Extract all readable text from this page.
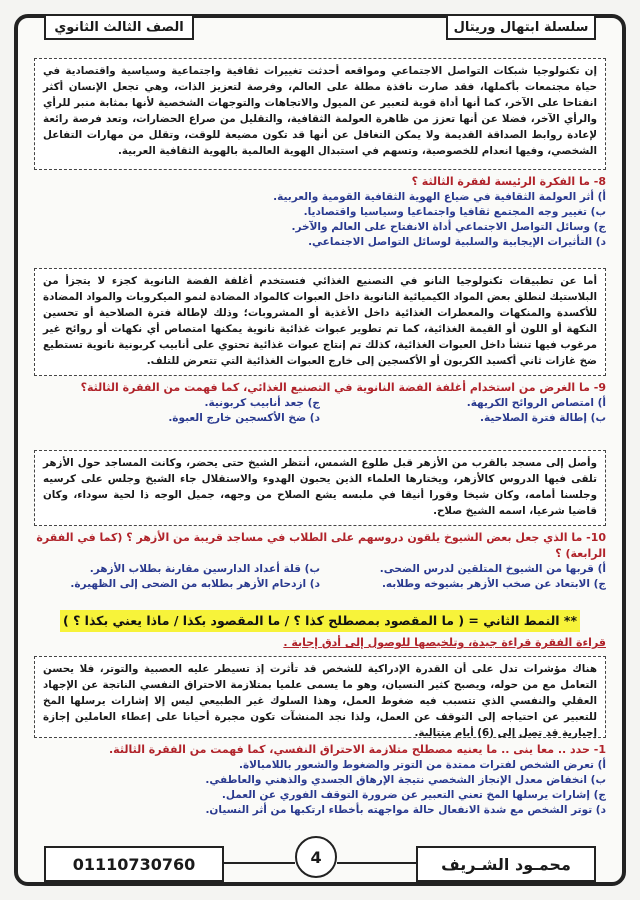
سلسلة ابتهال وريتال
الصف الثالث الثانوي
إن تكنولوجيا شبكات التواصل الاجتماعي ومواقعه أحدثت تغييرات ثقافية واجتماعية وسياسية واقتصادية في حياة مجتمعات بأكملها، فقد صارت نافذة مطلة على العالم، وفرصة لتعزيز الذات، وهي تجعل الإنسان أكثر انفتاحا على الآخر، كما أنها أداة قوية لتعبير عن الميول والاتجاهات والتوجهات الشخصية لأنها بمثابة منبر للرأي والرأي الآخر، فضلا عن أنها تعزز من ظاهرة العولمة الثقافية، والتقليل من صراع الحضارات، وتعد فرصة رائعة لإعادة روابط الصداقة القديمة ولا يمكن التغافل عن أنها قد تكون مضيعة للوقت، وتقلل من مهارات التفاعل الشخصي، وفيها انعدام للخصوصية، وتسهم في استبدال الهوية العالمية بالهوية الثقافية العربية.
8- ما الفكرة الرئيسة لفقرة الثالثة ؟
أ) أثر العولمة الثقافية في ضياع الهوية الثقافية القومية والعربية.
ب) تغيير وجه المجتمع ثقافيا واجتماعيا وسياسيا واقتصاديا.
ج) وسائل التواصل الاجتماعي أداة الانفتاح على العالم والآخر.
د) التأثيرات الإيجابية والسلبية لوسائل التواصل الاجتماعي.
أما عن تطبيقات تكنولوجيا النانو في التصنيع الغذائي فتستخدم أغلفة الفضة النانوية كجزء لا يتجزأ من البلاستيك لنطلق بعض المواد الكيميائية النانوية داخل العبوات كالمواد المضادة لنمو الميكروبات والمواد المضادة للأكسدة والمنكهات والمعطرات الغذائية داخل الأغذية أو المشروبات؛ وذلك لإطالة فترة الصلاحية أو تحسين النكهة أو اللون أو القيمة الغذائية، كما تم تطوير عبوات غذائية نانوية يمكنها امتصاص أي نكهات أو روائح غير مرغوب فيها تنشأ داخل العبوات الغذائية، كذلك تم إنتاج عبوات غذائية تحتوي على أنابيب كربونية نانوية تستطيع ضخ غازات ثاني أكسيد الكربون أو الأكسجين إلى خارج العبوات الغذائية التي تتعرض للتلف.
9- ما الغرض من استخدام أغلفة الفضة النانوية في التصنيع الغذائي، كما فهمت من الفقرة الثالثة؟
أ) امتصاص الروائح الكريهة.
ج) جعد أنابيب كربونية.
ب) إطالة فترة الصلاحية.
د) ضخ الأكسجين خارج العبوة.
وأصل إلى مسجد بالقرب من الأزهر قبل طلوع الشمس، أنتظر الشيخ حتى يحضر، وكانت المساجد حول الأزهر تلقى فيها الدروس كالأزهر، ويختارها العلماء الذين يحبون الهدوء والاستقلال جاء الشيخ وجلس على كرسيه وجلسنا أمامه، وكان شيخا وقورا أنيقا في ملبسه يشع الصلاح من وجهه، جميل الوجه ذا لحية سوداء، وكان قاضيا شرعيا، اسمه الشيخ صلاح.
10- ما الذي جعل بعض الشيوخ يلقون دروسهم على الطلاب في مساجد قريبة من الأزهر ؟ (كما في الفقرة الرابعة) ؟
أ) قربها من الشيوخ المتلقين لدرس الضحى.
ب) قلة أعداد الدارسين مقارنة بطلاب الأزهر.
ج) الابتعاد عن صخب الأزهر بشيوخه وطلابه.
د) ازدحام الأزهر بطلابه من الضحى إلى الظهيرة.
** النمط الثاني = ( ما المقصود بمصطلح كذا ؟ / ما المقصود بكذا / ماذا يعني بكذا ؟ )
قراءة الفقرة قراءة جيدة، وتلخيصها للوصول إلى أدق إجابة .
هناك مؤشرات تدل على أن القدرة الإدراكية للشخص قد تأثرت إذ تسيطر عليه العصبية والتوتر، فلا يحسن التعامل مع من حوله، ويصبح كثير النسيان، وهو ما يسمى علميا بمتلازمة الاحتراق النفسي الناتجة عن الإجهاد العقلي والنفسي الذي تتسبب فيه ضغوط العمل، وهذا السلوك غير الطبيعي ليس إلا إشارات يرسلها المخ للتعبير عن احتياجه إلى التوقف عن العمل، ولذا نجد المنشآت تكون مجبرة أحيانا على إعطاء العاملين إجازة إجبارية قد تصل إلى (6) أيام متتالية.
1- حدد .. معا ينى .. ما يعنيه مصطلح متلازمة الاحتراق النفسي، كما فهمت من الفقرة الثالثة.
أ) تعرض الشخص لفترات ممتدة من التوتر والضغوط والشعور باللامبالاة.
ب) انخفاض معدل الإنجاز الشخصي نتيجة الإرهاق الجسدي والذهني والعاطفي.
ج) إشارات يرسلها المخ تعني التعبير عن ضرورة التوقف الفوري عن العمل.
د) توتر الشخص مع شدة الانفعال حالة مواجهته بأخطاء ارتكبها من أثر النسيان.
محمـود الشـريف
4
01110730760
